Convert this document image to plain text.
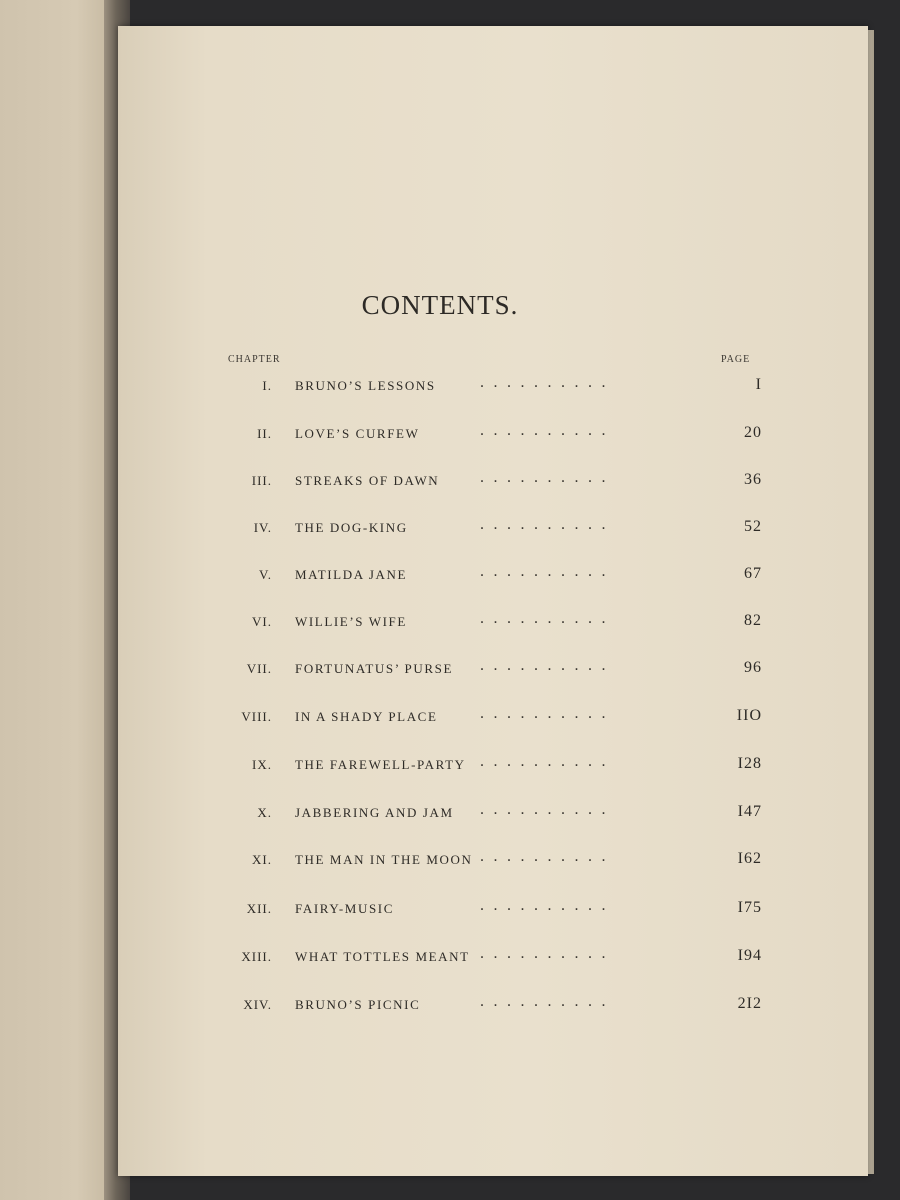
CONTENTS.
CHAPTER	PAGE
I. BRUNO’S LESSONS	..........	I
II. LOVE’S CURFEW	..........	20
III. STREAKS OF DAWN	..........	36
IV. THE DOG-KING	..........	52
V. MATILDA JANE	..........	67
VI. WILLIE’S WIFE	..........	82
VII. FORTUNATUS’ PURSE ..........	96
VIII. IN A SHADY PLACE	..........	IIO
IX. THE FAREWELL-PARTY ..........	I28
X. JABBERING AND JAM ..........	I47
XI. THE MAN IN THE MOON ..........	I62
XII. FAIRY-MUSIC	..........	I75
XIII. WHAT TOTTLES MEANT ..........	I94
XIV. BRUNO’S PICNIC	..........	2I2
